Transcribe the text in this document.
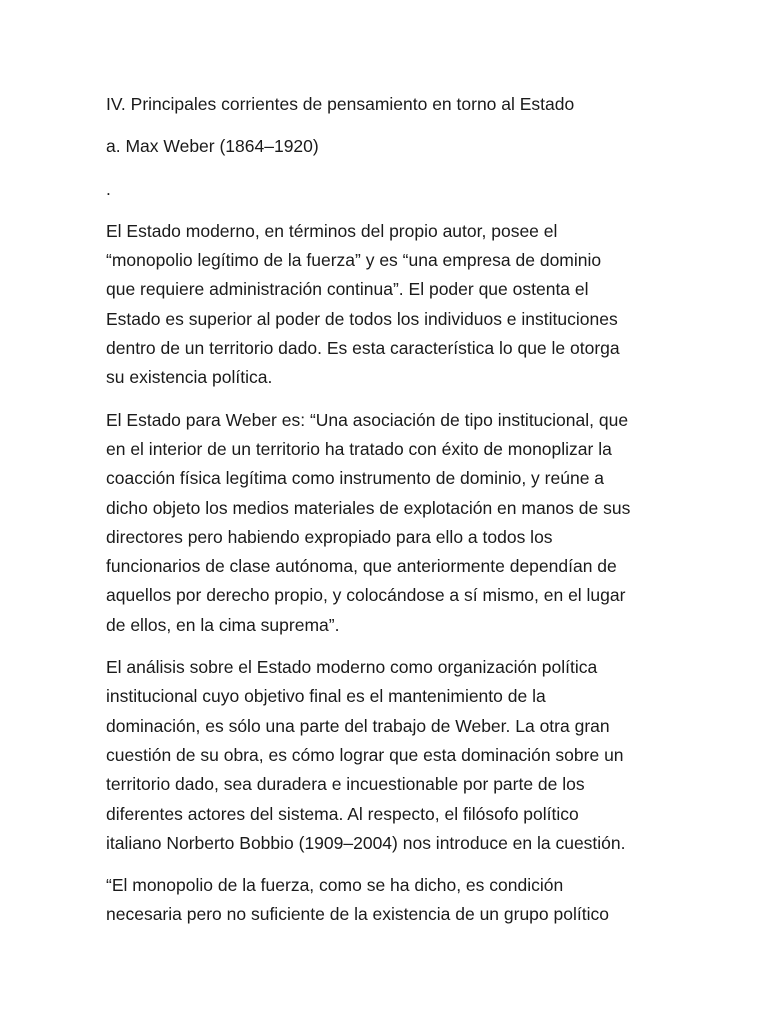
IV. Principales corrientes de pensamiento en torno al Estado

a. Max Weber (1864–1920)

.

El Estado moderno, en términos del propio autor, posee el
“monopolio legítimo de la fuerza” y es “una empresa de dominio
que requiere administración continua”. El poder que ostenta el
Estado es superior al poder de todos los individuos e instituciones
dentro de un territorio dado. Es esta característica lo que le otorga
su existencia política.

El Estado para Weber es: “Una asociación de tipo institucional, que
en el interior de un territorio ha tratado con éxito de monoplizar la
coacción física legítima como instrumento de dominio, y reúne a
dicho objeto los medios materiales de explotación en manos de sus
directores pero habiendo expropiado para ello a todos los
funcionarios de clase autónoma, que anteriormente dependían de
aquellos por derecho propio, y colocándose a sí mismo, en el lugar
de ellos, en la cima suprema”.

El análisis sobre el Estado moderno como organización política
institucional cuyo objetivo final es el mantenimiento de la
dominación, es sólo una parte del trabajo de Weber. La otra gran
cuestión de su obra, es cómo lograr que esta dominación sobre un
territorio dado, sea duradera e incuestionable por parte de los
diferentes actores del sistema. Al respecto, el filósofo político
italiano Norberto Bobbio (1909–2004) nos introduce en la cuestión.

“El monopolio de la fuerza, como se ha dicho, es condición
necesaria pero no suficiente de la existencia de un grupo político
